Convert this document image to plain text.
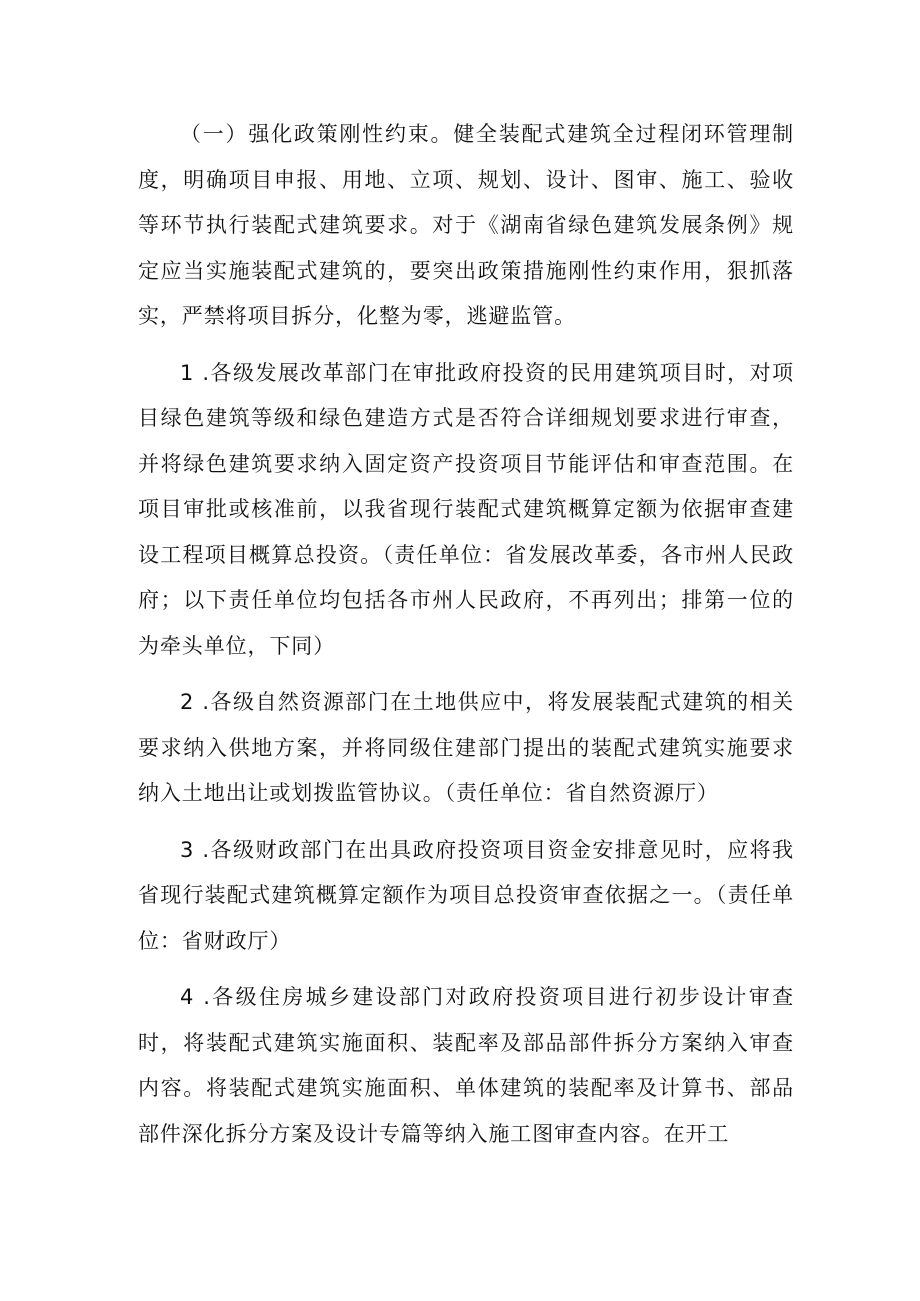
（一）强化政策刚性约束。健全装配式建筑全过程闭环管理制度，明确项目申报、用地、立项、规划、设计、图审、施工、验收等环节执行装配式建筑要求。对于《湖南省绿色建筑发展条例》规定应当实施装配式建筑的，要突出政策措施刚性约束作用，狠抓落实，严禁将项目拆分，化整为零，逃避监管。

1 .各级发展改革部门在审批政府投资的民用建筑项目时，对项目绿色建筑等级和绿色建造方式是否符合详细规划要求进行审查，并将绿色建筑要求纳入固定资产投资项目节能评估和审查范围。在项目审批或核准前，以我省现行装配式建筑概算定额为依据审查建设工程项目概算总投资。（责任单位：省发展改革委，各市州人民政府；以下责任单位均包括各市州人民政府，不再列出；排第一位的为牵头单位，下同）

2 .各级自然资源部门在土地供应中，将发展装配式建筑的相关要求纳入供地方案，并将同级住建部门提出的装配式建筑实施要求纳入土地出让或划拨监管协议。（责任单位：省自然资源厅）

3 .各级财政部门在出具政府投资项目资金安排意见时，应将我省现行装配式建筑概算定额作为项目总投资审查依据之一。（责任单位：省财政厅）

4 .各级住房城乡建设部门对政府投资项目进行初步设计审查时，将装配式建筑实施面积、装配率及部品部件拆分方案纳入审查内容。将装配式建筑实施面积、单体建筑的装配率及计算书、部品部件深化拆分方案及设计专篇等纳入施工图审查内容。在开工
